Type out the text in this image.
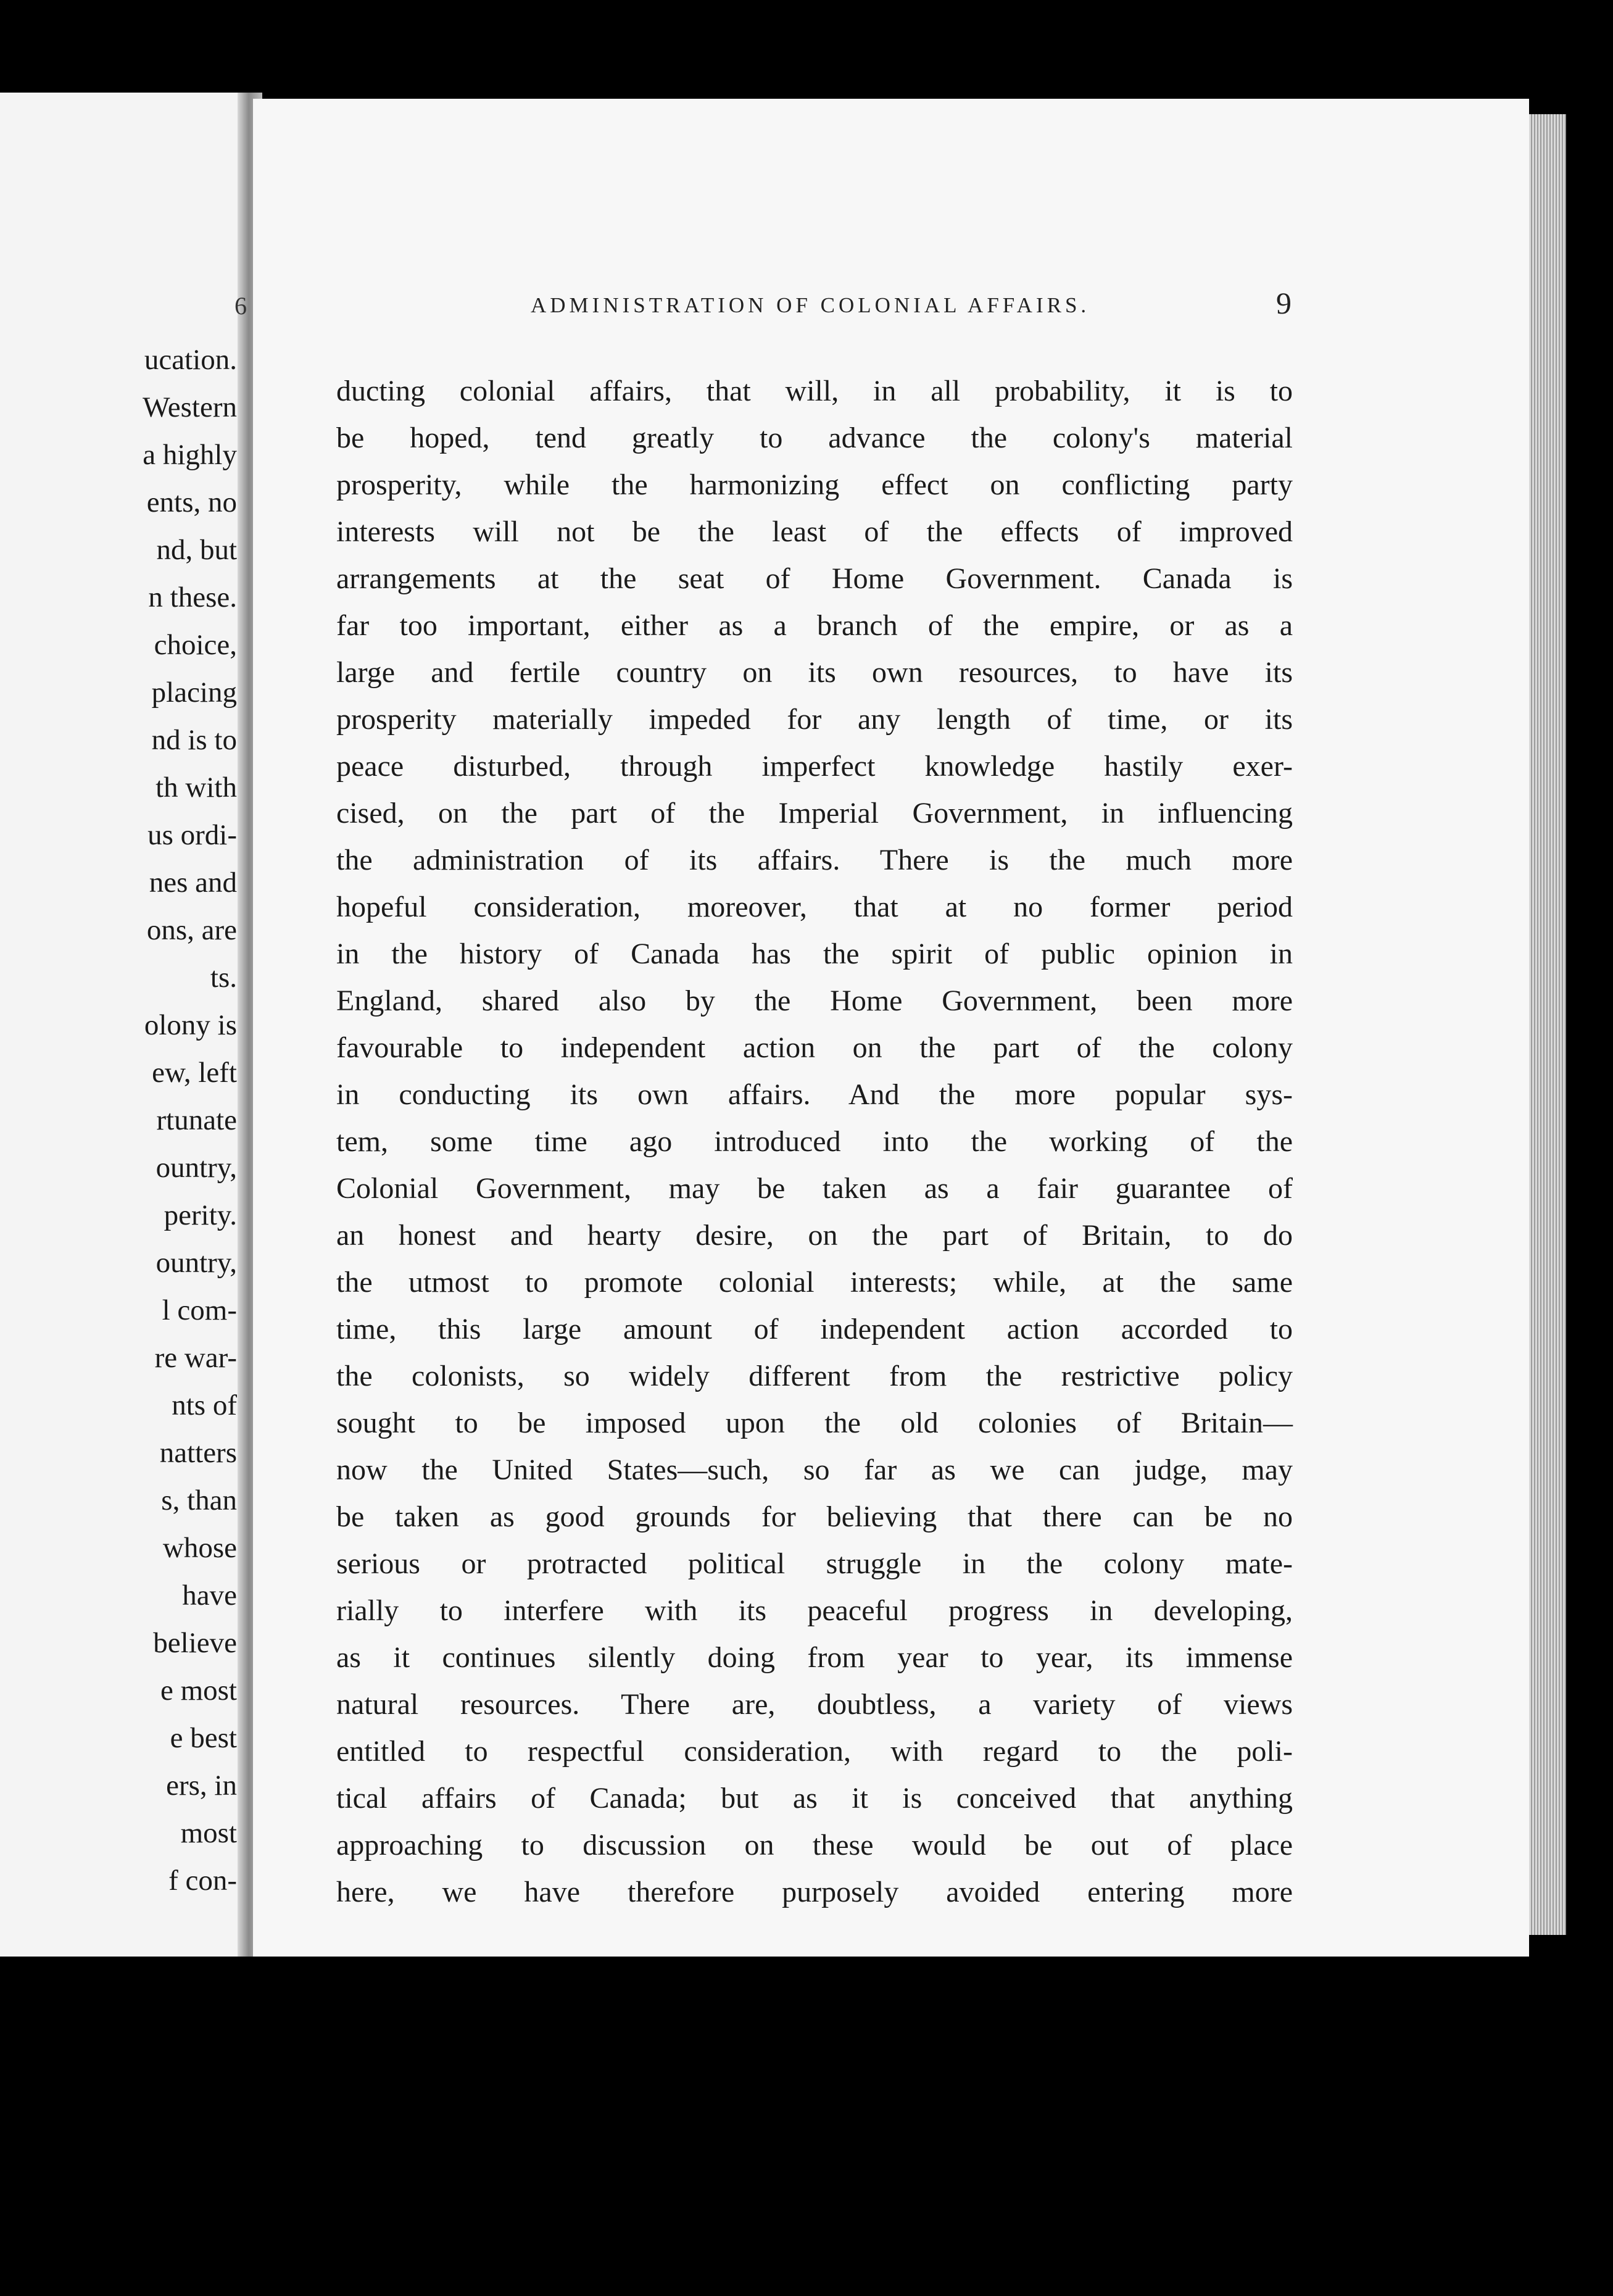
ucation.
Western
a highly
ents, no
nd, but
n these.
choice,
placing
nd is to
th with
us ordi-
nes and
ons, are
ts.
olony is
ew, left
rtunate
ountry,
perity.
ountry,
l com-
re war-
nts of
natters
s, than
whose
have
believe
e most
e best
ers, in
most
f con-
6	ADMINISTRATION OF COLONIAL AFFAIRS.	9
ducting colonial affairs, that will, in all probability, it is to
be hoped, tend greatly to advance the colony's material
prosperity, while the harmonizing effect on conflicting party
interests will not be the least of the effects of improved
arrangements at the seat of Home Government. Canada is
far too important, either as a branch of the empire, or as a
large and fertile country on its own resources, to have its
prosperity materially impeded for any length of time, or its
peace disturbed, through imperfect knowledge hastily exer-
cised, on the part of the Imperial Government, in influencing
the administration of its affairs. There is the much more
hopeful consideration, moreover, that at no former period
in the history of Canada has the spirit of public opinion in
England, shared also by the Home Government, been more
favourable to independent action on the part of the colony
in conducting its own affairs. And the more popular sys-
tem, some time ago introduced into the working of the
Colonial Government, may be taken as a fair guarantee of
an honest and hearty desire, on the part of Britain, to do
the utmost to promote colonial interests; while, at the same
time, this large amount of independent action accorded to
the colonists, so widely different from the restrictive policy
sought to be imposed upon the old colonies of Britain—
now the United States—such, so far as we can judge, may
be taken as good grounds for believing that there can be no
serious or protracted political struggle in the colony mate-
rially to interfere with its peaceful progress in developing,
as it continues silently doing from year to year, its immense
natural resources. There are, doubtless, a variety of views
entitled to respectful consideration, with regard to the poli-
tical affairs of Canada; but as it is conceived that anything
approaching to discussion on these would be out of place
here, we have therefore purposely avoided entering more
